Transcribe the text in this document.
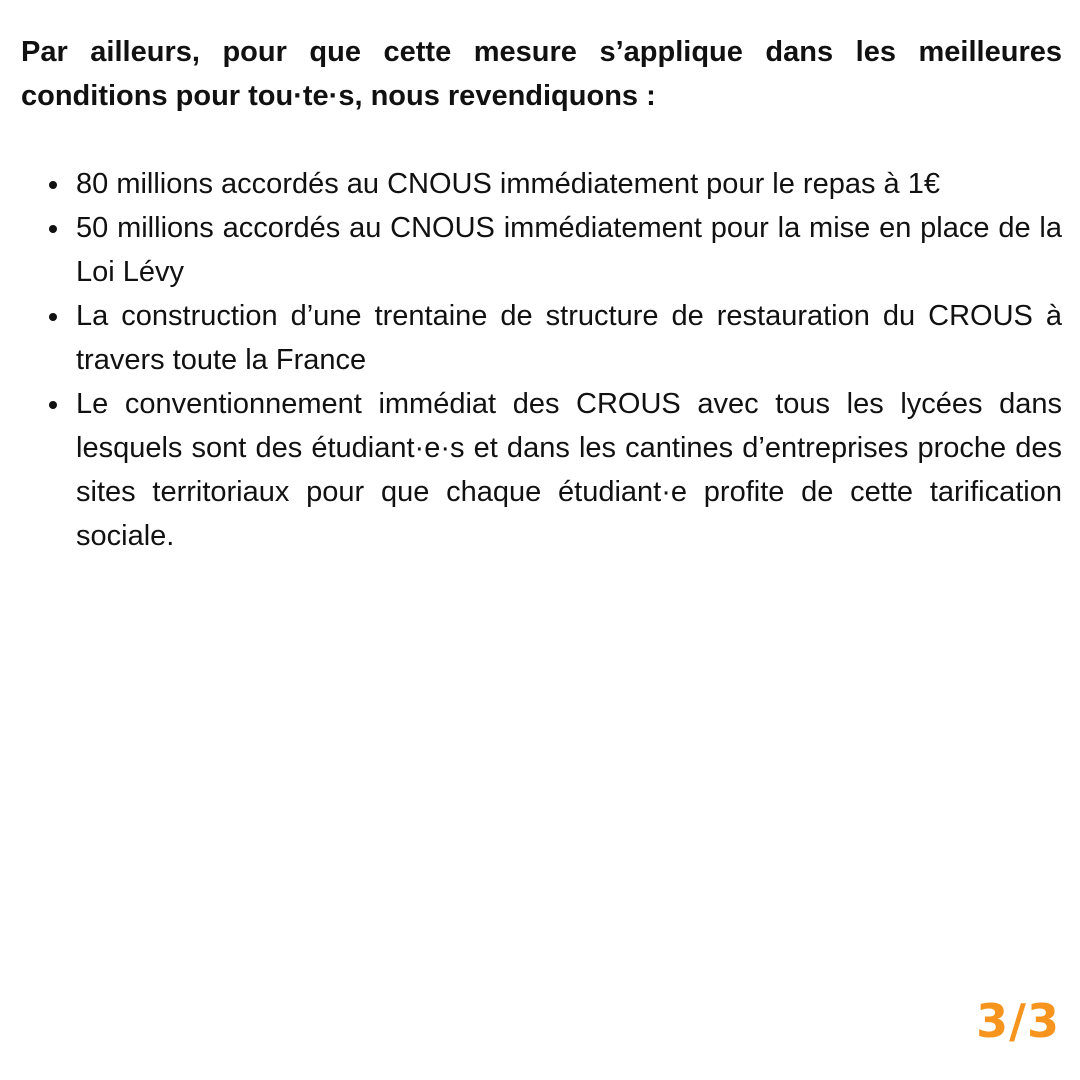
Par ailleurs, pour que cette mesure s’applique dans les meilleures conditions pour tou·te·s, nous revendiquons :

80 millions accordés au CNOUS immédiatement pour le repas à 1€
50 millions accordés au CNOUS immédiatement pour la mise en place de la Loi Lévy
La construction d’une trentaine de structure de restauration du CROUS à travers toute la France
Le conventionnement immédiat des CROUS avec tous les lycées dans lesquels sont des étudiant·e·s et dans les cantines d’entreprises proche des sites territoriaux pour que chaque étudiant·e profite de cette tarification sociale.
3/3
